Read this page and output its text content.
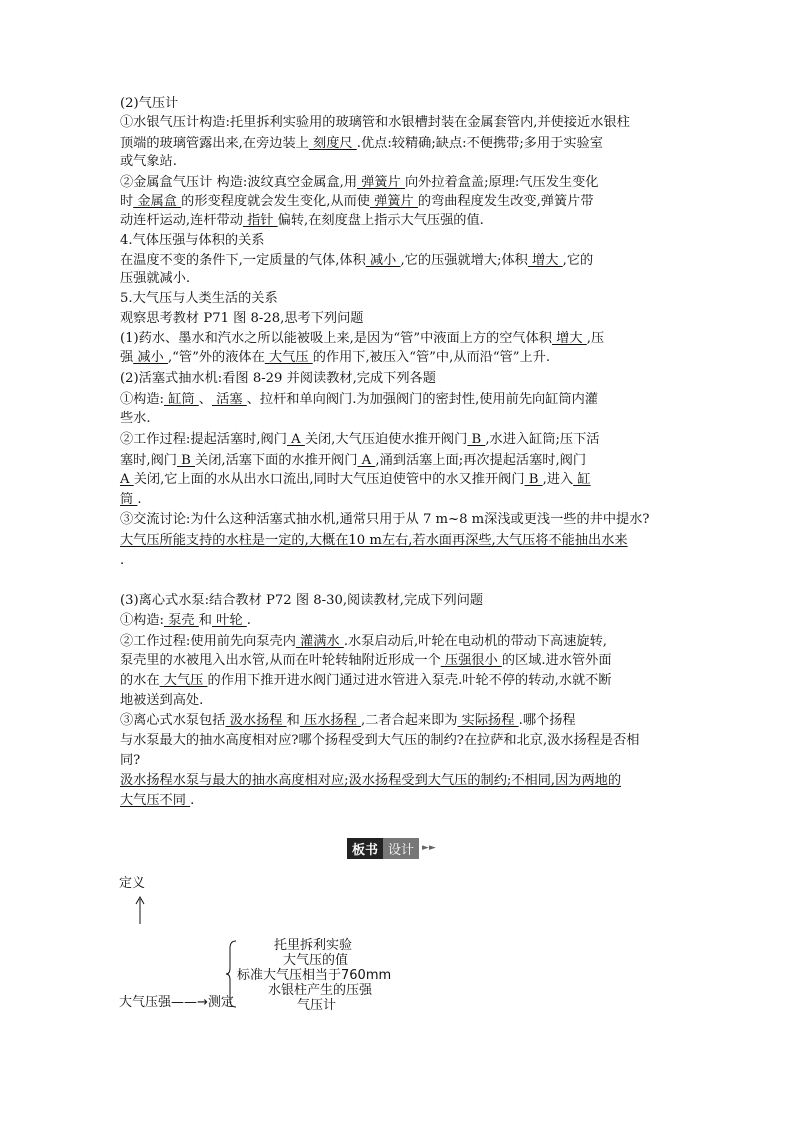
(2)气压计
①水银气压计构造:托里拆利实验用的玻璃管和水银槽封装在金属套管内,并使接近水银柱
顶端的玻璃管露出来,在旁边装上 刻度尺 .优点:较精确;缺点:不便携带;多用于实验室
或气象站.
②金属盒气压计 构造:波纹真空金属盒,用 弹簧片 向外拉着盒盖;原理:气压发生变化
时 金属盒 的形变程度就会发生变化,从而使 弹簧片 的弯曲程度发生改变,弹簧片带
动连杆运动,连杆带动 指针 偏转,在刻度盘上指示大气压强的值.
4.气体压强与体积的关系
在温度不变的条件下,一定质量的气体,体积 减小 ,它的压强就增大;体积 增大 ,它的
压强就减小.
5.大气压与人类生活的关系
观察思考教材 P71 图 8-28,思考下列问题
(1)药水、墨水和汽水之所以能被吸上来,是因为“管”中液面上方的空气体积 增大 ,压
强 减小 ,“管”外的液体在 大气压 的作用下,被压入“管”中,从而沿“管”上升.
(2)活塞式抽水机:看图 8-29 并阅读教材,完成下列各题
①构造: 缸筒 、 活塞 、拉杆和单向阀门.为加强阀门的密封性,使用前先向缸筒内灌
些水.
②工作过程:提起活塞时,阀门 A 关闭,大气压迫使水推开阀门 B ,水进入缸筒;压下活
塞时,阀门 B 关闭,活塞下面的水推开阀门 A ,涌到活塞上面;再次提起活塞时,阀门
A 关闭,它上面的水从出水口流出,同时大气压迫使管中的水又推开阀门 B ,进入 缸
筒 .
③交流讨论:为什么这种活塞式抽水机,通常只用于从 7 m~8 m深浅或更浅一些的井中提水?
大气压所能支持的水柱是一定的,大概在10 m左右,若水面再深些,大气压将不能抽出水来
.
(3)离心式水泵:结合教材 P72 图 8-30,阅读教材,完成下列问题
①构造: 泵壳 和 叶轮 .
②工作过程:使用前先向泵壳内 灌满水 .水泵启动后,叶轮在电动机的带动下高速旋转,
泵壳里的水被甩入出水管,从而在叶轮转轴附近形成一个 压强很小 的区域.进水管外面
的水在 大气压 的作用下推开进水阀门通过进水管进入泵壳.叶轮不停的转动,水就不断
地被送到高处.
③离心式水泵包括 汲水扬程 和 压水扬程 ,二者合起来即为 实际扬程 .哪个扬程
与水泵最大的抽水高度相对应?哪个扬程受到大气压的制约?在拉萨和北京,汲水扬程是否相
同?
汲水扬程水泵与最大的抽水高度相对应;汲水扬程受到大气压的制约;不相同,因为两地的
大气压不同 .
板书 设计 ►►
定义
大气压强——→测定
托里拆利实验
大气压的值
标准大气压相当于760mm
水银柱产生的压强
气压计
